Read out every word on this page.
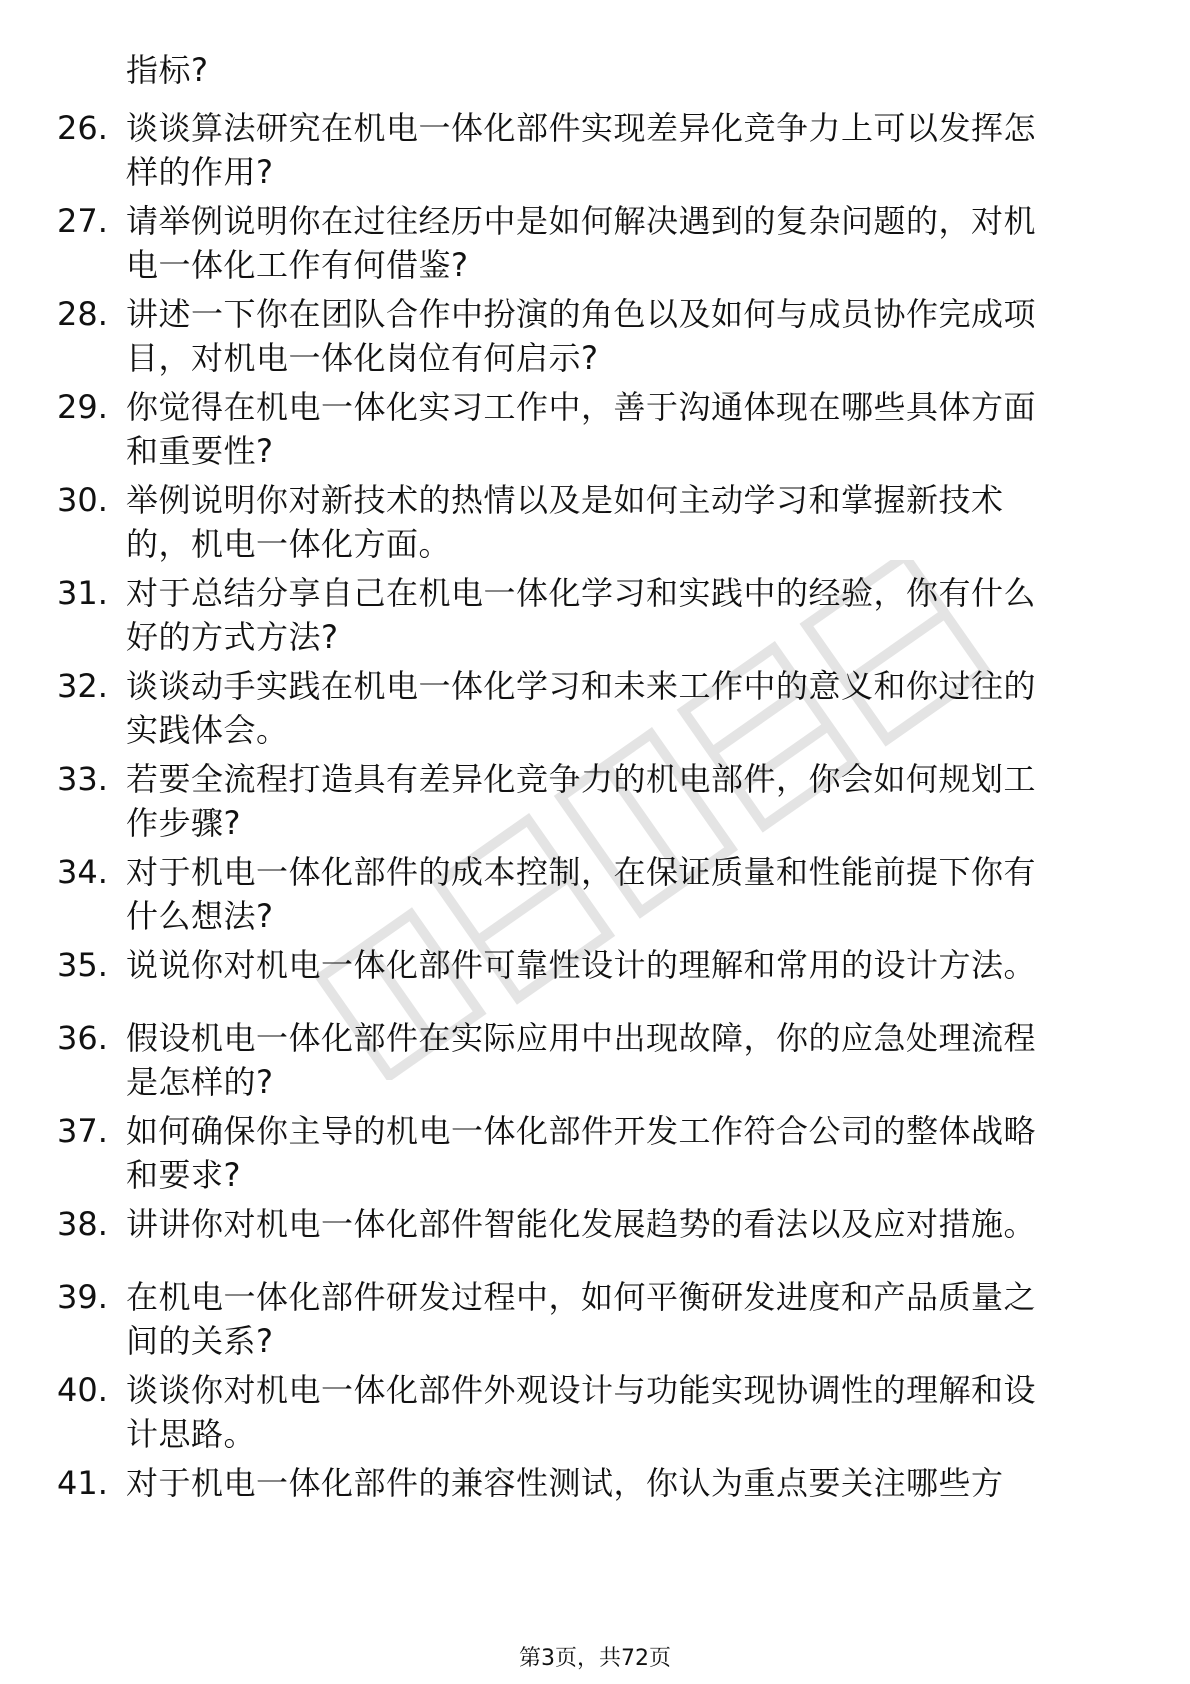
指标?
26. 谈谈算法研究在机电一体化部件实现差异化竞争力上可以发挥怎
样的作用?
27. 请举例说明你在过往经历中是如何解决遇到的复杂问题的，对机
电一体化工作有何借鉴?
28. 讲述一下你在团队合作中扮演的角色以及如何与成员协作完成项
目，对机电一体化岗位有何启示?
29. 你觉得在机电一体化实习工作中，善于沟通体现在哪些具体方面
和重要性?
30. 举例说明你对新技术的热情以及是如何主动学习和掌握新技术
的，机电一体化方面。
31. 对于总结分享自己在机电一体化学习和实践中的经验，你有什么
好的方式方法?
32. 谈谈动手实践在机电一体化学习和未来工作中的意义和你过往的
实践体会。
33. 若要全流程打造具有差异化竞争力的机电部件，你会如何规划工
作步骤?
34. 对于机电一体化部件的成本控制，在保证质量和性能前提下你有
什么想法?
35. 说说你对机电一体化部件可靠性设计的理解和常用的设计方法。
36. 假设机电一体化部件在实际应用中出现故障，你的应急处理流程
是怎样的?
37. 如何确保你主导的机电一体化部件开发工作符合公司的整体战略
和要求?
38. 讲讲你对机电一体化部件智能化发展趋势的看法以及应对措施。
39. 在机电一体化部件研发过程中，如何平衡研发进度和产品质量之
间的关系?
40. 谈谈你对机电一体化部件外观设计与功能实现协调性的理解和设
计思路。
41. 对于机电一体化部件的兼容性测试，你认为重点要关注哪些方
第3页，共72页
